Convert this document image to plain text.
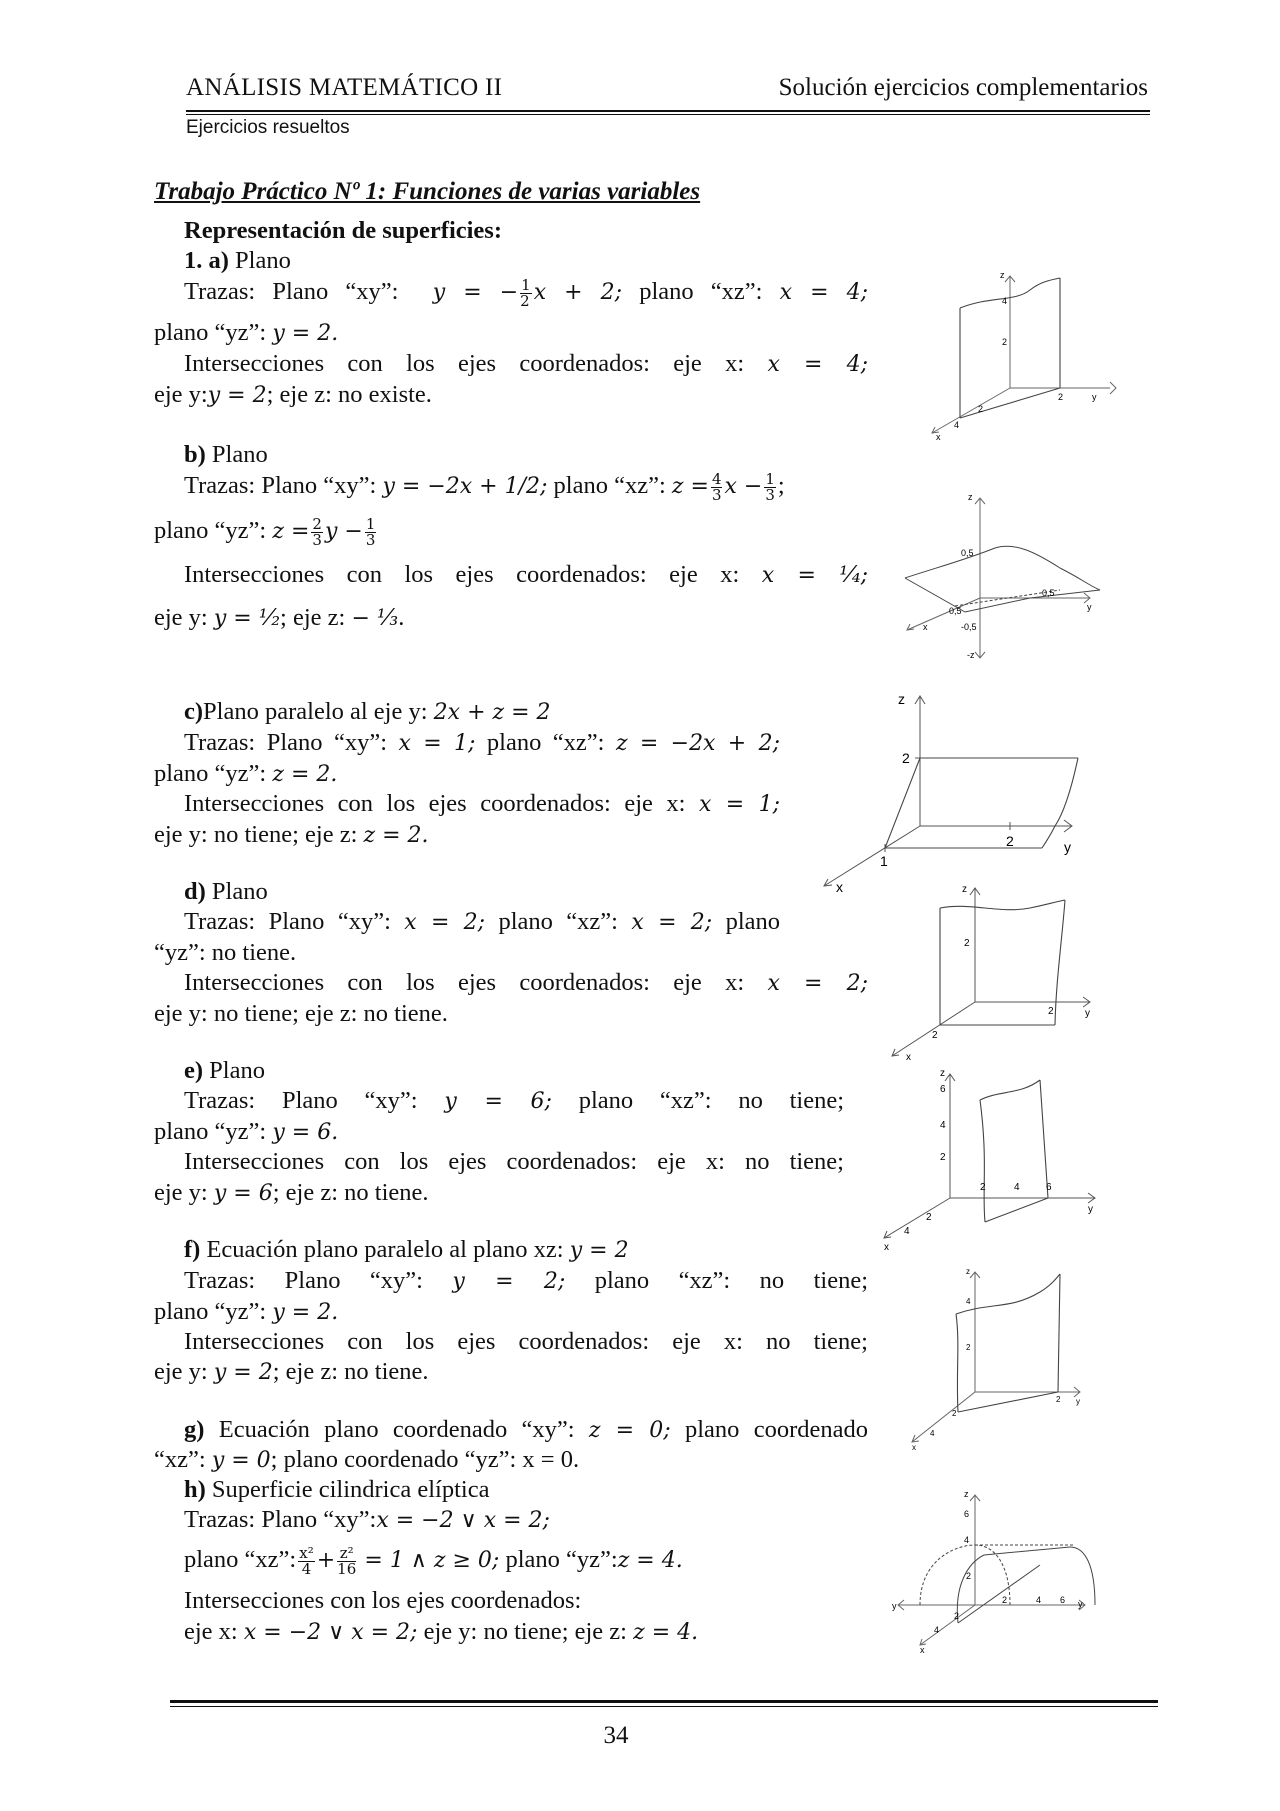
ANÁLISIS MATEMÁTICO II	Solución ejercicios complementarios
Ejercicios resueltos
Trabajo Práctico Nº 1: Funciones de varias variables
Representación de superficies:
1. a) Plano
Trazas: Plano “xy”: y = − $\frac{1}{2}$ x + 2; plano “xz”: x = 4;
plano “yz”: y = 2.
Intersecciones con los ejes coordenados: eje x: x = 4;
eje y:y = 2; eje z: no existe.
b) Plano
Trazas: Plano “xy”: y = −2x + 1/2; plano “xz”: $z = \frac{4}{3}$ $x - \frac{1}{3}$ ;
plano “yz”: $z = \frac{2}{3}$ $y - \frac{1}{3}$
Intersecciones con los ejes coordenados: eje x: x = ¹⁄₄;
eje y: y = ¹⁄₂; eje z: − ¹⁄₃.
c)Plano paralelo al eje y: 2x + z = 2
Trazas: Plano “xy”: x = 1; plano “xz”: z = −2x + 2;
plano “yz”: z = 2.
Intersecciones con los ejes coordenados: eje x: x = 1;
eje y: no tiene; eje z: z = 2.
d) Plano
Trazas: Plano “xy”: x = 2; plano “xz”: x = 2; plano
“yz”: no tiene.
Intersecciones con los ejes coordenados: eje x: x = 2;
eje y: no tiene; eje z: no tiene.
e) Plano
Trazas: Plano “xy”: y = 6; plano “xz”: no tiene;
plano “yz”: y = 6.
Intersecciones con los ejes coordenados: eje x: no tiene;
eje y: y = 6; eje z: no tiene.
f) Ecuación plano paralelo al plano xz: y = 2
Trazas: Plano “xy”: y = 2; plano “xz”: no tiene;
plano “yz”: y = 2.
Intersecciones con los ejes coordenados: eje x: no tiene;
eje y: y = 2; eje z: no tiene.
g) Ecuación plano coordenado “xy”: z = 0; plano coordenado
“xz”: y = 0; plano coordenado “yz”: x = 0.
h) Superficie cilindrica elíptica
Trazas: Plano “xy”:x = −2 ∨ x = 2;
plano “xz”: $\frac{\text{x²}}{4} + \frac{\text{z²}}{16} = 1$ ∧ z ≥ 0; plano “yz”:z = 4.
Intersecciones con los ejes coordenados:
eje x: x = −2 ∨ x = 2; eje y: no tiene; eje z: z = 4.
z
4
2
2	y
2
4
x
z
0,5
0,5
y
0,5
-0,5
x
-z
z
2
2	y
1
x	z
2
2	y
2
x
z
6
4
2
2	4	6
y
2
4
x
z
4
2
2 y
2
4
x
z
6
4
2
2	4 6 y
y
2
4
x
34
